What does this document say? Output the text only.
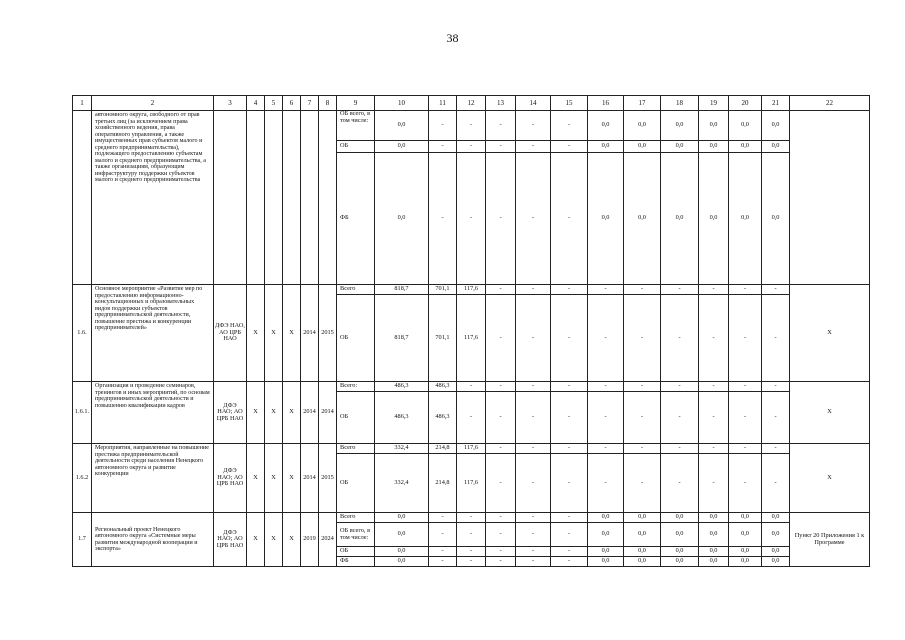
38
1	2	3	4	5	6	7	8	9	10	11	12	13	14	15	16	17	18	19	20	21	22
	автономного округа, свободного от прав третьих лиц (за исключением права хозяйственного ведения, права оперативного управления, а также имущественных прав субъектов малого и среднего предпринимательства), подлежащего предоставлению субъектам малого и среднего предпринимательства, а также организациям, образующим инфраструктуру поддержки субъектов малого и среднего предпринимательства							ОБ всего, в том числе:	0,0	-	-	-	-	-	0,0	0,0	0,0	0,0	0,0	0,0	
								ОБ	0,0	-	-	-	-	-	0,0	0,0	0,0	0,0	0,0	0,0	
								ФБ	0,0	-	-	-	-	-	0,0	0,0	0,0	0,0	0,0	0,0	
1.6.	Основное мероприятие «Развитие мер по предоставлению информационно-консультационных и образовательных видов поддержки субъектов предпринимательской деятельности, повышение престижа и конкуренции предпринимателей»	ДФЭ НАО, АО ЦРБ НАО	X	X	X	2014	2015	Всего	818,7	701,1	117,6	-	-	-	-	-	-	-	-	-	X
								ОБ	818,7	701,1	117,6	-	-	-	-	-	-	-	-	-	
1.6.1.	Организация и проведение семинаров, тренингов и иных мероприятий, по основам предпринимательской деятельности и повышению квалификации кадров	ДФЭ НАО; АО ЦРБ НАО	X	X	X	2014	2014	Всего:	486,3	486,3	-	-	-	-	-	-	-	-	-	-	X
								ОБ	486,3	486,3	-	-	-	-	-	-	-	-	-	-	
1.6.2	Мероприятия, направленные на повышение престижа предпринимательской деятельности среди населения Ненецкого автономного округа и развитие конкуренции	ДФЭ НАО; АО ЦРБ НАО	X	X	X	2014	2015	Всего	332,4	214,8	117,6	-	-	-	-	-	-	-	-	-	X
								ОБ	332,4	214,8	117,6	-	-	-	-	-	-	-	-	-	
1.7	Региональный проект Ненецкого автономного округа «Системные меры развития международной кооперации и экспорта»	ДФЭ НАО; АО ЦРБ НАО	X	X	X	2019	2024	Всего	0,0	-	-	-	-	-	0,0	0,0	0,0	0,0	0,0	0,0	Пункт 20 Приложения 1 к Программе
								ОБ всего, в том числе:	0,0	-	-	-	-	-	0,0	0,0	0,0	0,0	0,0	0,0	
								ОБ	0,0	-	-	-	-	-	0,0	0,0	0,0	0,0	0,0	0,0	
								ФБ	0,0	-	-	-	-	-	0,0	0,0	0,0	0,0	0,0	0,0	
